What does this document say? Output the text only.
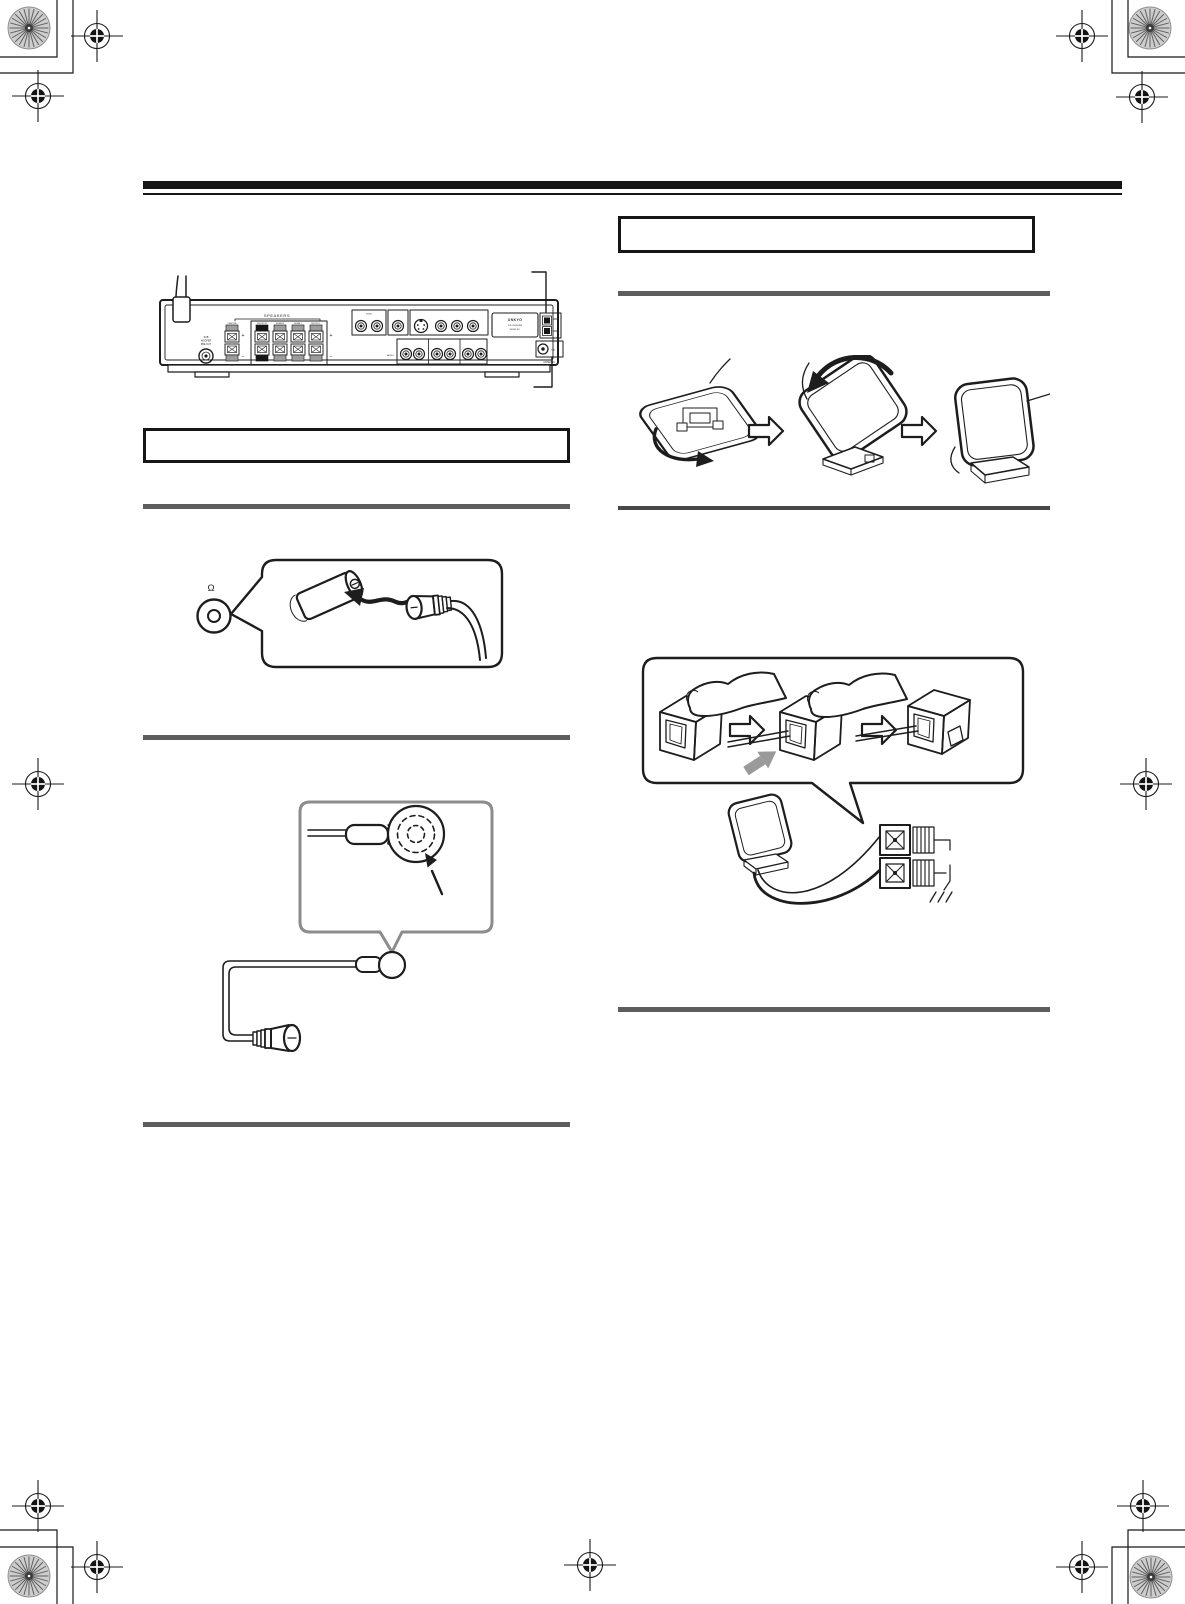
SUB
WOOFER
PRE OUT
SPEAKERS
CENTER	FRONT R	SURR R	SURR L	FRONT L
+
−
+
−
VIDEO
AUDIO
ONKYO
DVD RECEIVER
MODEL NO.
75Ω
ANTENNA
Ω
